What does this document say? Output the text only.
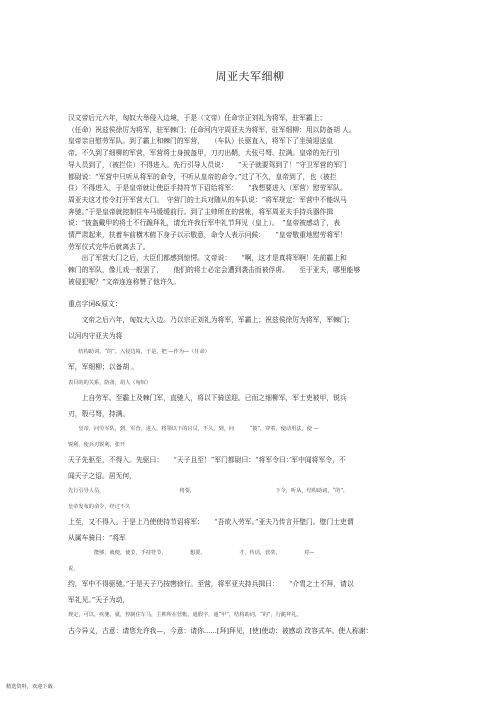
周亚夫军细柳
汉文帝后元六年，匈奴大举侵入边境，于是（文帝）任命宗正刘礼为将军，驻军霸上；
（任命）祝兹侯徐厉为将军，驻军棘门；任命河内守周亚夫为将军，驻军细柳：用以防备胡 人。
皇帝亲自慰劳军队。到了霸上和棘门的军营，　　（车队）长驱直入，将军下了坐骑迎送皇
帝。不久到了细柳的军营，军营将士身披盔甲，刀刃出鞘，大张弓弩、拉满。皇帝的先行引
导人员到了，（被拦住）不得进入。先行引导人员说：　　“天子就要驾到了！”守卫军营的军门
都尉说：“军营中只听从将军的命令，不听从皇帝的命令。”过了不久，皇帝到了，也（被拦
住）不得进入，于是皇帝就让使臣手持符节下诏给将军：　　“我想要进入（军营）慰劳军队。
周亚夫这才传令打开军营大门。　守营门的士兵对随从的车队说：“将军规定：军营中不能纵马
奔驰。”于是皇帝就控制住车马缓缓前行。到了主帅所在的营帐，将军周亚夫手持兵器作揖
说：“披盔戴甲的将士不行跪拜礼，请允许我行军中礼节拜见（皇上）。　”皇帝被感动了，表
情严肃起来，扶着车前横木俯下身子以示敬意，命令人表示问候：　　“皇帝敬重地慰劳将军！
劳军仪式完毕后就离去了。
　　出了军营大门之后，大臣们都感到惊愕。文帝说：　　“啊，这才是真将军啊！先前霸上和
棘门的军队，像儿戏一般罢了，　　他们的将士必定会遭到袭击而被俘虏。　　至于亚夫，哪里能够
被侵犯呢？”文帝连连称赞了他许久。
重点字词&原文：
　　文帝之后六年，匈奴大入边。乃以宗正刘礼为将军，军霸上；祝兹侯徐厉为将军，军棘门；
以河内守亚夫为将
　　结构助词，“的”。入侵边境，于是。把 —作为—（任命）
军，军细柳；以备胡 。
表目的的关系，防备，胡人（匈奴）
　　上自劳军。至霸上及棘门军，直驰入，将以下骑送迎。已而之细柳军，军士吏被甲，锐兵
刃，彀弓弩，持满。
　　皇帝，问劳军队，到，军营，进入，将领以下的官员，不久，到，问　　　“披”，穿着，使动用法，使 —
锐利，使兵刃锐利，张开
天子先驱至，不得入。先驱曰：　　“天子且至！”军门都尉曰：“将军令曰：’军中闻将军令，不
闻天子之诏。居无何，
先行引导人员，　　　　　　　　　　　　　　　将要，　　　　　　　　　　　　　　　　下令，听从，结构助词，“的”，
皇帝发布的命令，经过不久
上至，又不得入。于是上乃使使持节诏将军：　　“吾欲入劳军。”亚夫乃传言开壁门。壁门士吏谓
从属车骑曰：“将军
　　　　　能够，就便，使节，手持符节，　　　　　想要，　　　　　　　才，传话，营垒，　　　　　对—
说，
约，军中不得驱驰。”于是天子乃按辔徐行。至营，将军亚夫持兵揖曰：　　“介胄之士不拜，请以
军礼见。”天子为动，
规定，可以，疾驰，就，控制住车马，主帅所在营帐，通假字，通“甲”，结构助词，“的”，行跪拜礼，
古今异义，古意：请您允许我—，今意：请你......[拜]拜见，[使]使动：被感动 改容式车。使人称谢：
精选资料，欢迎下载
